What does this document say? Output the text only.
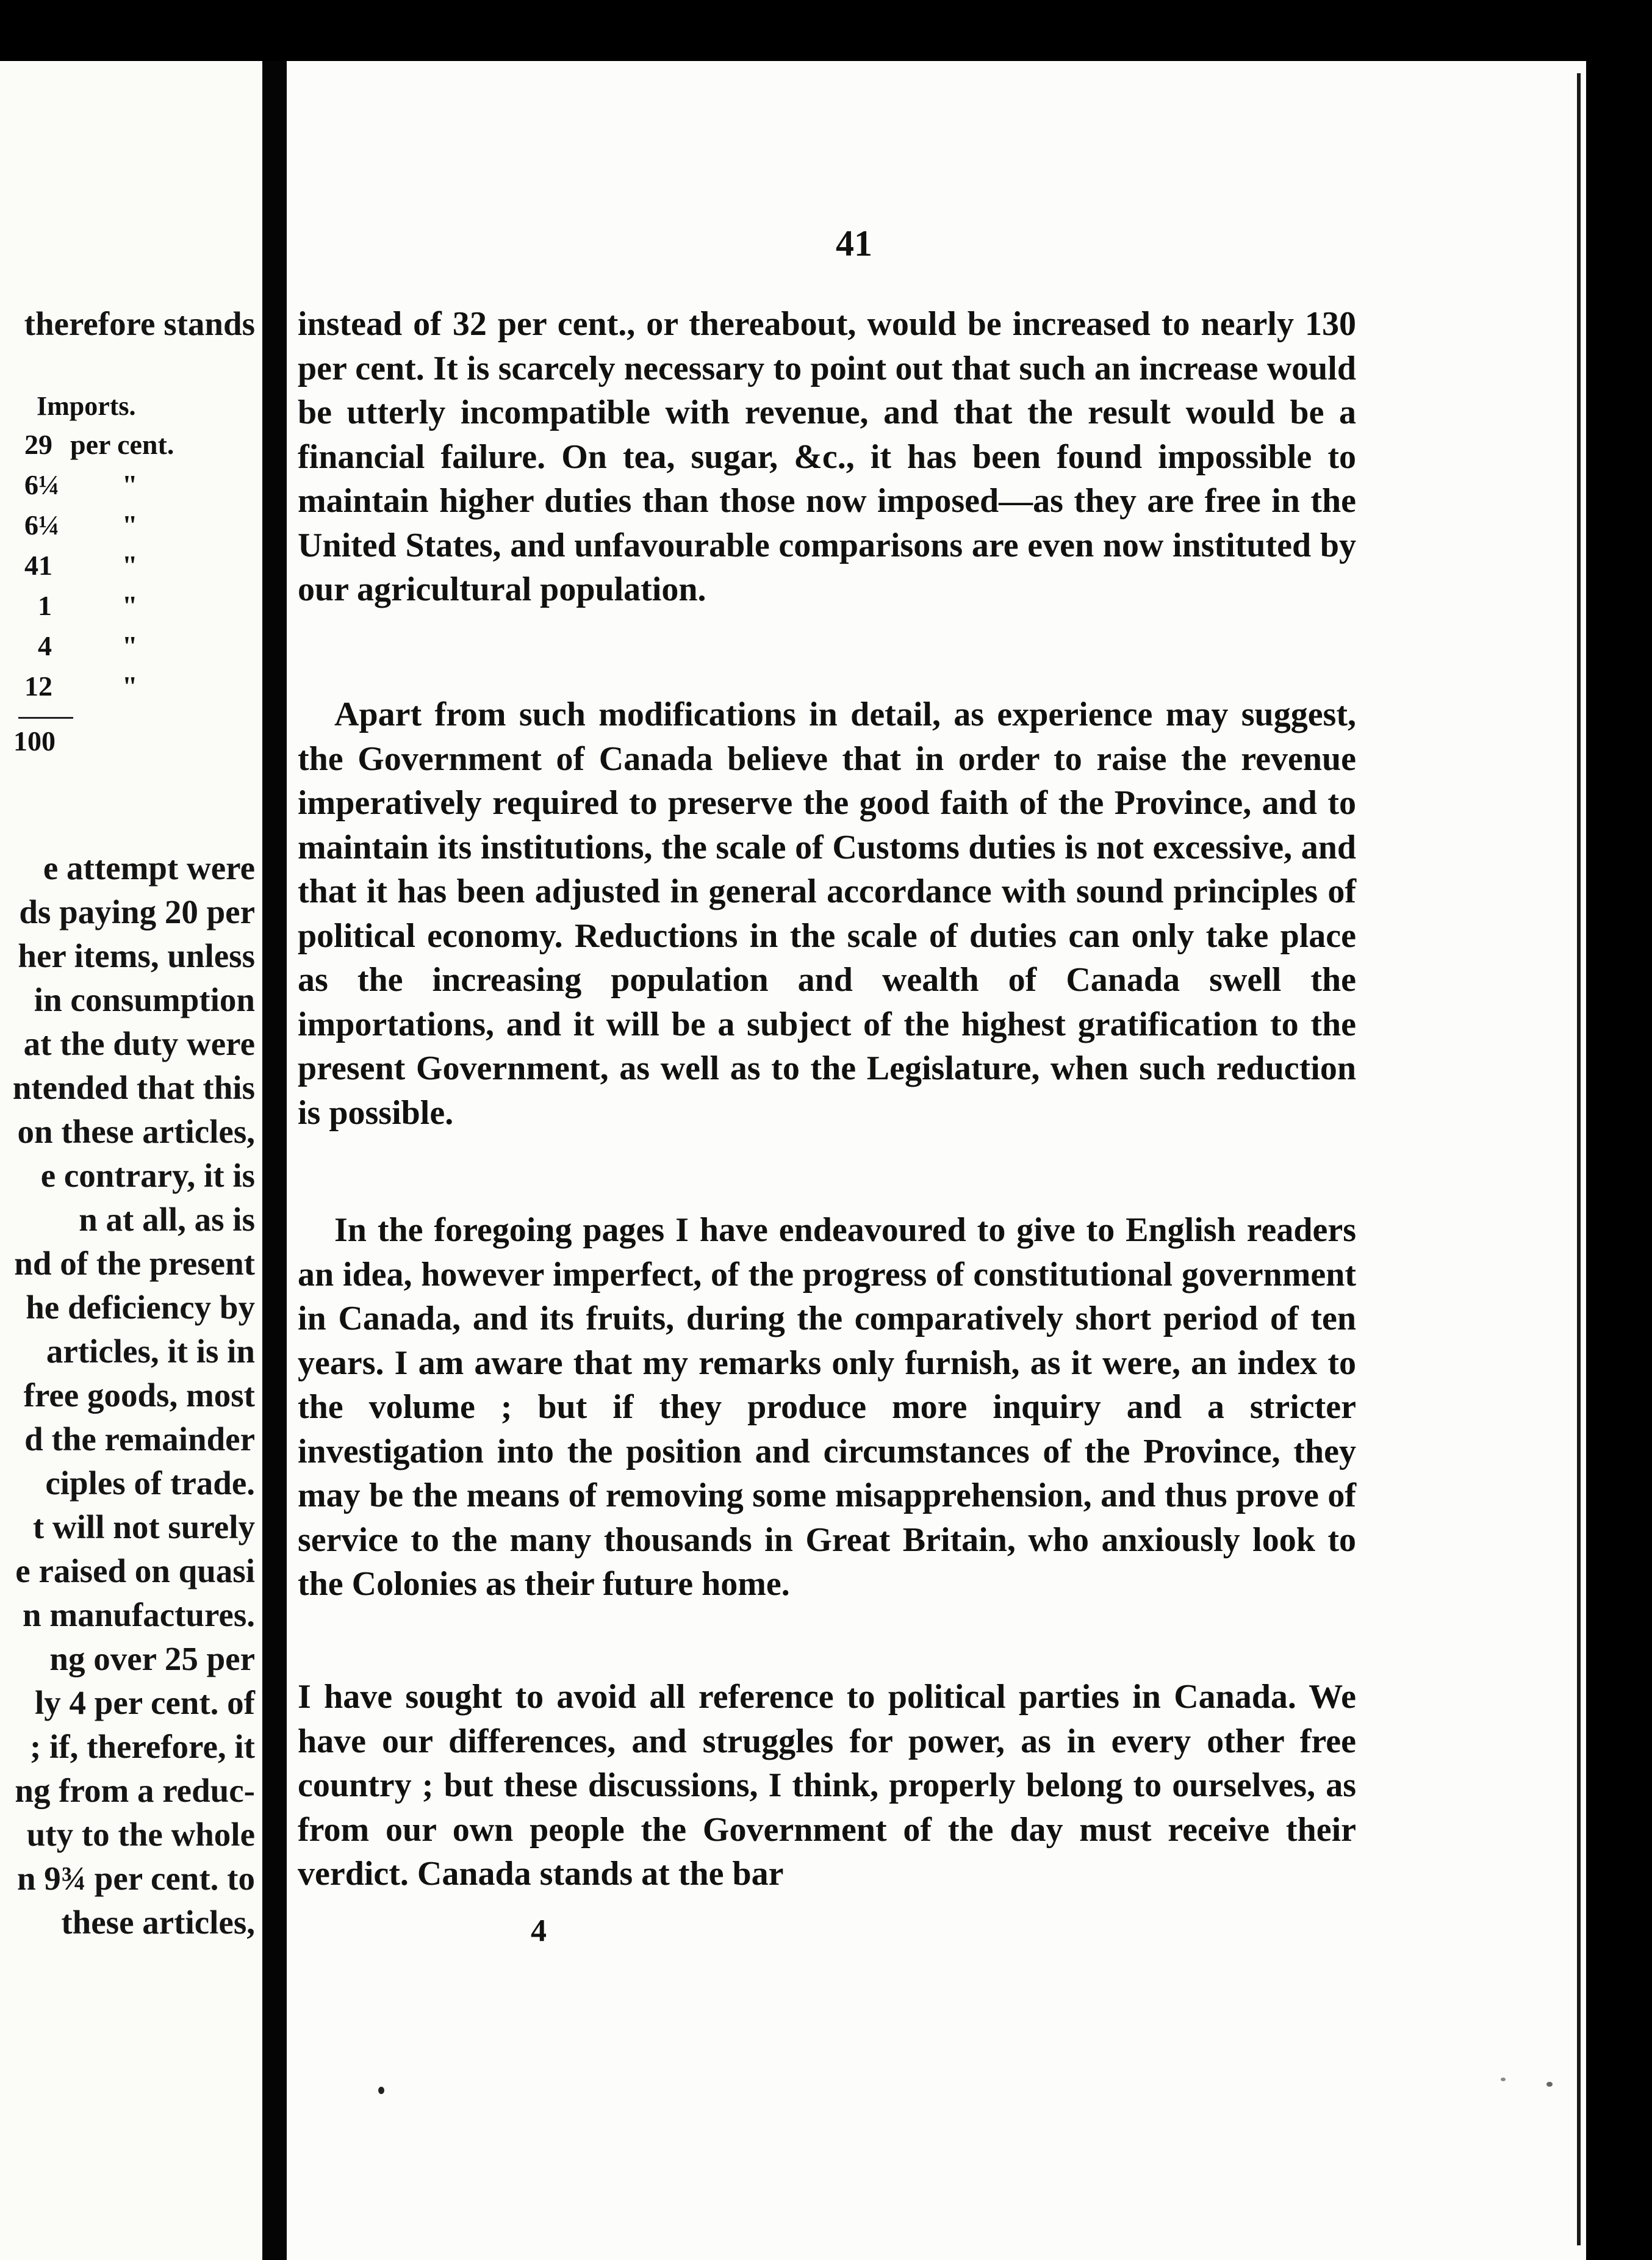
therefore stands
Imports.
29 per cent.
6¼ "
6¼ "
41 "
1	"
4	"
12 "
100
e attempt were
ds paying 20 per
her items, unless
in consumption
at the duty were
ntended that this
on these articles,
e contrary, it is
n at all, as is
nd of the present
he deficiency by
articles, it is in
free goods, most
d the remainder
ciples of trade.
t will not surely
e raised on quasi
n manufactures.
ng over 25 per
ly 4 per cent. of
; if, therefore, it
ng from a reduc-
uty to the whole
n 9¾ per cent. to
these articles,
41
instead of 32 per cent., or thereabout, would be increased to nearly 130 per cent. It is scarcely necessary to point out that such an increase would be utterly incompatible with revenue, and that the result would be a financial failure. On tea, sugar, &c., it has been found impossible to maintain higher duties than those now imposed—as they are free in the United States, and unfavourable comparisons are even now instituted by our agricultural population.
Apart from such modifications in detail, as experience may suggest, the Government of Canada believe that in order to raise the revenue imperatively required to preserve the good faith of the Province, and to maintain its institutions, the scale of Customs duties is not excessive, and that it has been adjusted in general accordance with sound principles of political economy. Reductions in the scale of duties can only take place as the increasing population and wealth of Canada swell the importations, and it will be a subject of the highest gratification to the present Government, as well as to the Legislature, when such reduction is possible.
In the foregoing pages I have endeavoured to give to English readers an idea, however imperfect, of the progress of constitutional government in Canada, and its fruits, during the comparatively short period of ten years. I am aware that my remarks only furnish, as it were, an index to the volume ; but if they produce more inquiry and a stricter investigation into the position and circumstances of the Province, they may be the means of removing some misapprehension, and thus prove of service to the many thousands in Great Britain, who anxiously look to the Colonies as their future home.
I have sought to avoid all reference to political parties in Canada. We have our differences, and struggles for power, as in every other free country ; but these discussions, I think, properly belong to ourselves, as from our own people the Government of the day must receive their verdict. Canada stands at the bar
4
